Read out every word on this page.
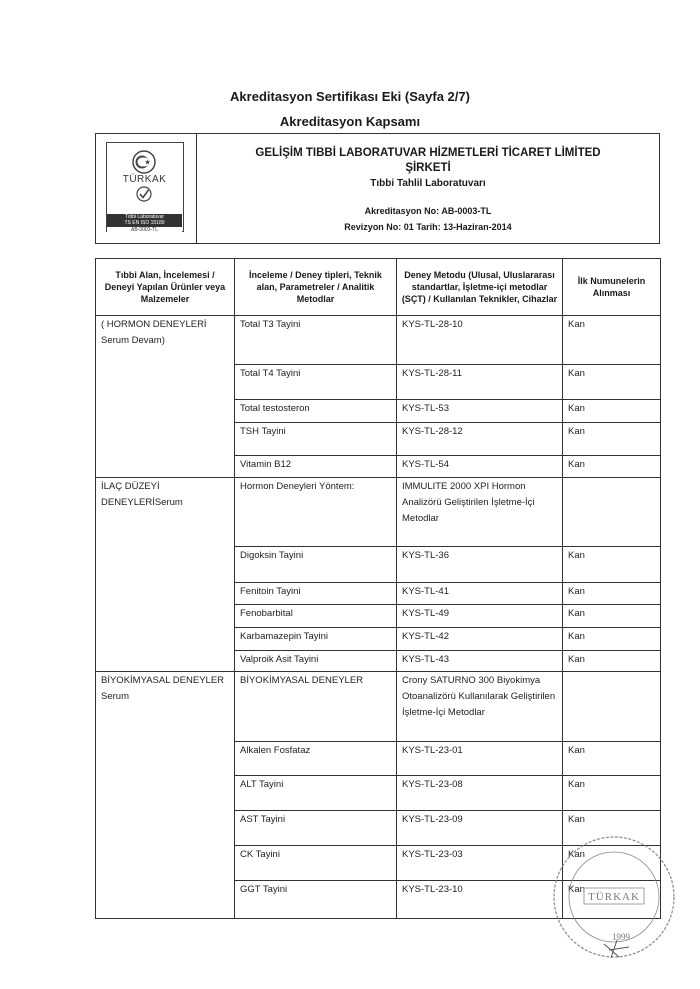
Akreditasyon Sertifikası Eki (Sayfa 2/7)
Akreditasyon Kapsamı
TÜRKAK
Tıbbi Laboratuvar
TS EN ISO 15189
AB-0003-TL
GELİŞİM TIBBİ LABORATUVAR HİZMETLERİ TİCARET LİMİTED
ŞİRKETİ
Tıbbi Tahlil Laboratuvarı
Akreditasyon No: AB-0003-TL
Revizyon No: 01 Tarih: 13-Haziran-2014
Tıbbi Alan, İncelemesi / Deneyi Yapılan Ürünler veya Malzemeler	İnceleme / Deney tipleri, Teknik alan, Parametreler / Analitik Metodlar	Deney Metodu (Ulusal, Uluslararası standartlar, İşletme-içi metodlar (SÇT) / Kullanılan Teknikler, Cihazlar	İlk Numunelerin Alınması
( HORMON DENEYLERİ Serum Devam)	Total T3 Tayini	KYS-TL-28-10	Kan
	Total T4 Tayini	KYS-TL-28-11	Kan
	Total testosteron	KYS-TL-53	Kan
	TSH Tayini	KYS-TL-28-12	Kan
	Vitamin B12	KYS-TL-54	Kan
İLAÇ DÜZEYİ DENEYLERİSerum	Hormon Deneyleri Yöntem:	IMMULITE 2000 XPI Hormon Analizörü Geliştirilen İşletme-İçi Metodlar	
	Digoksin Tayini	KYS-TL-36	Kan
	Fenitoin Tayini	KYS-TL-41	Kan
	Fenobarbital	KYS-TL-49	Kan
	Karbamazepin Tayini	KYS-TL-42	Kan
	Valproik Asit Tayini	KYS-TL-43	Kan
BİYOKİMYASAL DENEYLER Serum	BİYOKİMYASAL DENEYLER	Crony SATURNO 300 Biyokimya Otoanalizörü Kullanılarak Geliştirilen İşletme-İçi Metodlar	
	Alkalen Fosfataz	KYS-TL-23-01	Kan
	ALT Tayini	KYS-TL-23-08	Kan
	AST Tayini	KYS-TL-23-09	Kan
	CK Tayini	KYS-TL-23-03	Kan
	GGT Tayini	KYS-TL-23-10	Kan
TÜRKAK
1999
